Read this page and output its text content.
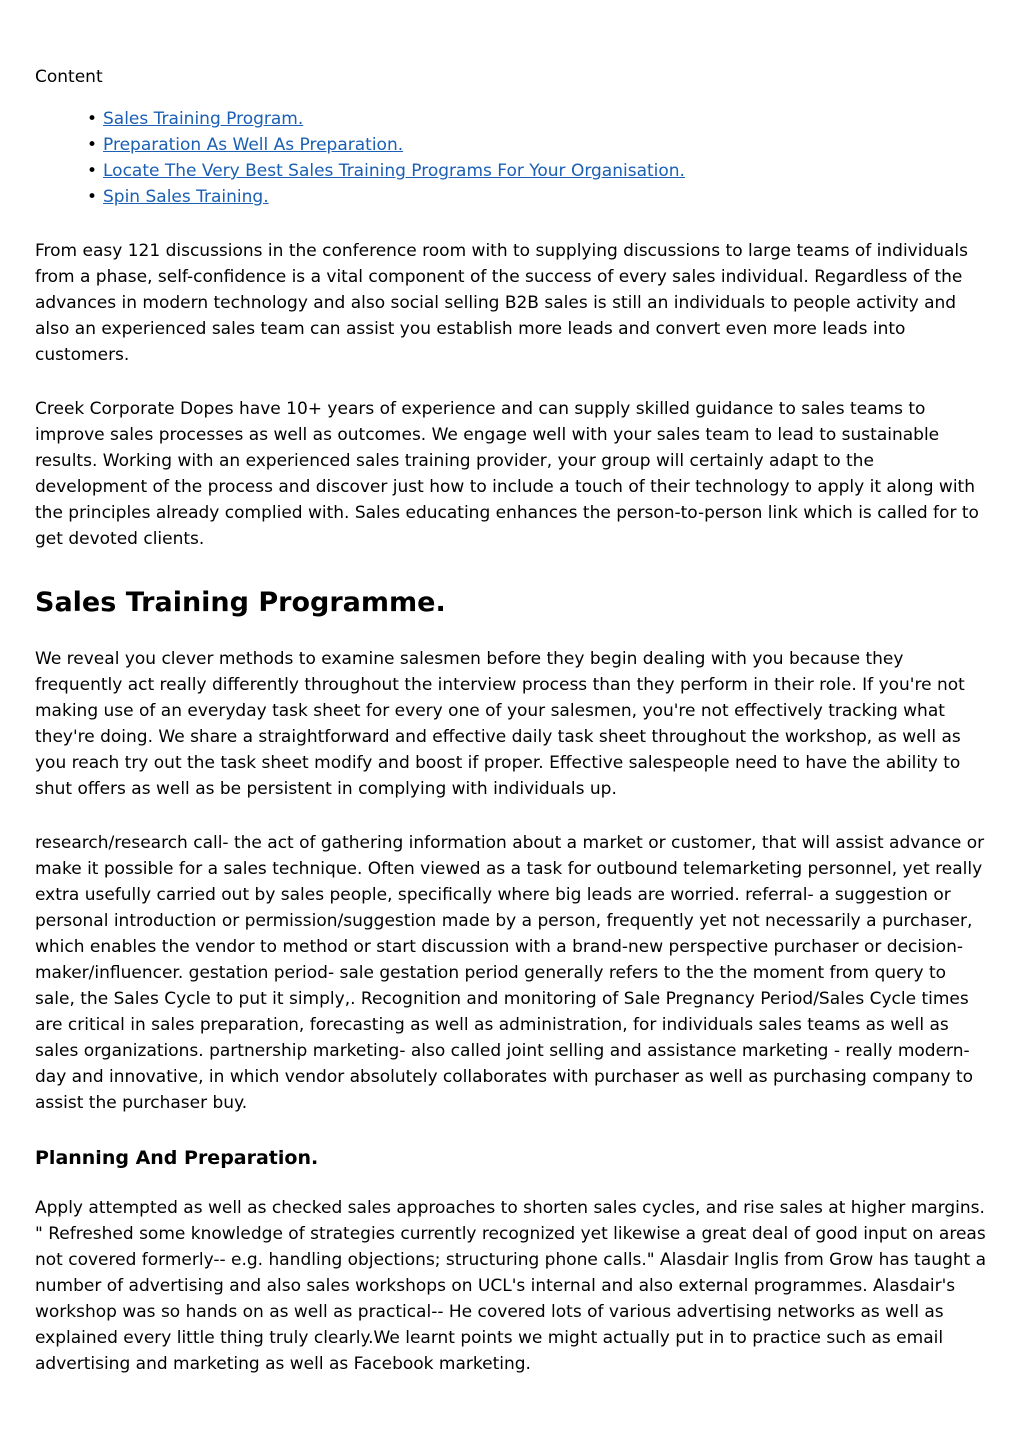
Content
• Sales Training Program.
• Preparation As Well As Preparation.
• Locate The Very Best Sales Training Programs For Your Organisation.
• Spin Sales Training.

From easy 121 discussions in the conference room with to supplying discussions to large teams of individuals from a phase, self-confidence is a vital component of the success of every sales individual. Regardless of the advances in modern technology and also social selling B2B sales is still an individuals to people activity and also an experienced sales team can assist you establish more leads and convert even more leads into customers.

Creek Corporate Dopes have 10+ years of experience and can supply skilled guidance to sales teams to improve sales processes as well as outcomes. We engage well with your sales team to lead to sustainable results. Working with an experienced sales training provider, your group will certainly adapt to the development of the process and discover just how to include a touch of their technology to apply it along with the principles already complied with. Sales educating enhances the person-to-person link which is called for to get devoted clients.

Sales Training Programme.

We reveal you clever methods to examine salesmen before they begin dealing with you because they frequently act really differently throughout the interview process than they perform in their role. If you're not making use of an everyday task sheet for every one of your salesmen, you're not effectively tracking what they're doing. We share a straightforward and effective daily task sheet throughout the workshop, as well as you reach try out the task sheet modify and boost if proper. Effective salespeople need to have the ability to shut offers as well as be persistent in complying with individuals up.

research/research call- the act of gathering information about a market or customer, that will assist advance or make it possible for a sales technique. Often viewed as a task for outbound telemarketing personnel, yet really extra usefully carried out by sales people, specifically where big leads are worried. referral- a suggestion or personal introduction or permission/suggestion made by a person, frequently yet not necessarily a purchaser, which enables the vendor to method or start discussion with a brand-new perspective purchaser or decision-maker/influencer. gestation period- sale gestation period generally refers to the the moment from query to sale, the Sales Cycle to put it simply,. Recognition and monitoring of Sale Pregnancy Period/Sales Cycle times are critical in sales preparation, forecasting as well as administration, for individuals sales teams as well as sales organizations. partnership marketing- also called joint selling and assistance marketing - really modern-day and innovative, in which vendor absolutely collaborates with purchaser as well as purchasing company to assist the purchaser buy.

Planning And Preparation.

Apply attempted as well as checked sales approaches to shorten sales cycles, and rise sales at higher margins. " Refreshed some knowledge of strategies currently recognized yet likewise a great deal of good input on areas not covered formerly-- e.g. handling objections; structuring phone calls." Alasdair Inglis from Grow has taught a number of advertising and also sales workshops on UCL's internal and also external programmes. Alasdair's workshop was so hands on as well as practical-- He covered lots of various advertising networks as well as explained every little thing truly clearly.We learnt points we might actually put in to practice such as email advertising and marketing as well as Facebook marketing.
